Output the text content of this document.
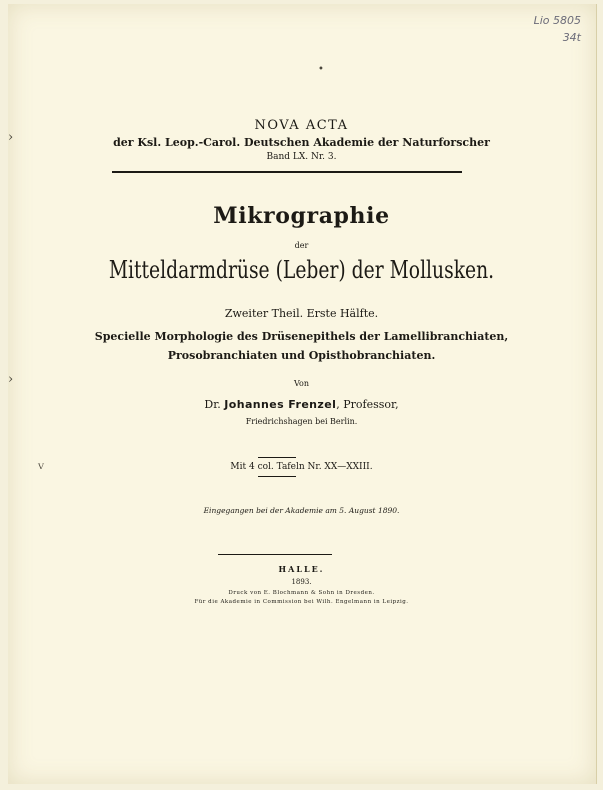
Lio 5805
34t
•
›
›
ⱽ
NOVA ACTA
der Ksl. Leop.-Carol. Deutschen Akademie der Naturforscher
Band LX. Nr. 3.
Mikrographie
der
Mitteldarmdrüse (Leber) der Mollusken.
Zweiter Theil. Erste Hälfte.
Specielle Morphologie des Drüsenepithels der Lamellibranchiaten,
Prosobranchiaten und Opisthobranchiaten.
Von
Dr. Johannes Frenzel, Professor,
Friedrichshagen bei Berlin.
Mit 4 col. Tafeln Nr. XX—XXIII.
Eingegangen bei der Akademie am 5. August 1890.
HALLE.
1893.
Druck von E. Blochmann & Sohn in Dresden.
Für die Akademie in Commission bei Wilh. Engelmann in Leipzig.
